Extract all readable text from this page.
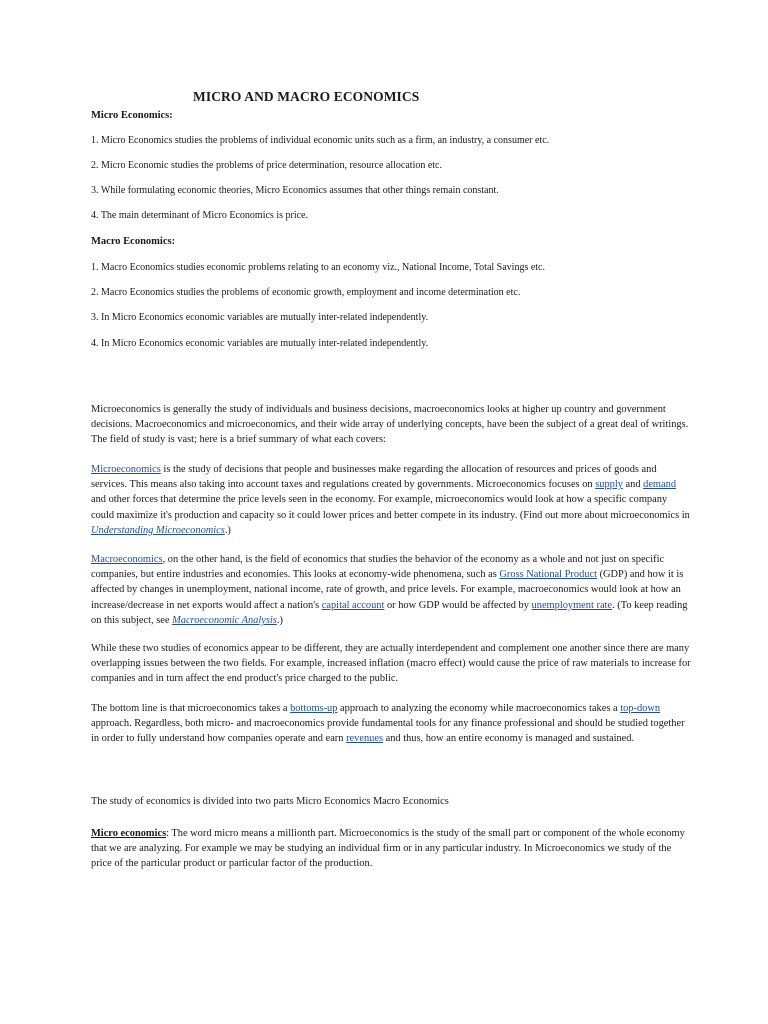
MICRO AND MACRO ECONOMICS
Micro Economics:
1. Micro Economics studies the problems of individual economic units such as a firm, an industry, a consumer etc.
2. Micro Economic studies the problems of price determination, resource allocation etc.
3. While formulating economic theories, Micro Economics assumes that other things remain constant.
4. The main determinant of Micro Economics is price.
Macro Economics:
1. Macro Economics studies economic problems relating to an economy viz., National Income, Total Savings etc.
2. Macro Economics studies the problems of economic growth, employment and income determination etc.
3. In Micro Economics economic variables are mutually inter-related independently.
4. In Micro Economics economic variables are mutually inter-related independently.

Microeconomics is generally the study of individuals and business decisions, macroeconomics looks at higher up country and government decisions. Macroeconomics and microeconomics, and their wide array of underlying concepts, have been the subject of a great deal of writings. The field of study is vast; here is a brief summary of what each covers:

Microeconomics is the study of decisions that people and businesses make regarding the allocation of resources and prices of goods and services. This means also taking into account taxes and regulations created by governments. Microeconomics focuses on supply and demand and other forces that determine the price levels seen in the economy. For example, microeconomics would look at how a specific company could maximize it's production and capacity so it could lower prices and better compete in its industry. (Find out more about microeconomics in Understanding Microeconomics.)

Macroeconomics, on the other hand, is the field of economics that studies the behavior of the economy as a whole and not just on specific companies, but entire industries and economies. This looks at economy-wide phenomena, such as Gross National Product (GDP) and how it is affected by changes in unemployment, national income, rate of growth, and price levels. For example, macroeconomics would look at how an increase/decrease in net exports would affect a nation's capital account or how GDP would be affected by unemployment rate. (To keep reading on this subject, see Macroeconomic Analysis.)

While these two studies of economics appear to be different, they are actually interdependent and complement one another since there are many overlapping issues between the two fields. For example, increased inflation (macro effect) would cause the price of raw materials to increase for companies and in turn affect the end product's price charged to the public.

The bottom line is that microeconomics takes a bottoms-up approach to analyzing the economy while macroeconomics takes a top-down approach. Regardless, both micro- and macroeconomics provide fundamental tools for any finance professional and should be studied together in order to fully understand how companies operate and earn revenues and thus, how an entire economy is managed and sustained.

The study of economics is divided into two parts Micro Economics Macro Economics

Micro economics: The word micro means a millionth part. Microeconomics is the study of the small part or component of the whole economy that we are analyzing. For example we may be studying an individual firm or in any particular industry. In Microeconomics we study of the price of the particular product or particular factor of the production.
